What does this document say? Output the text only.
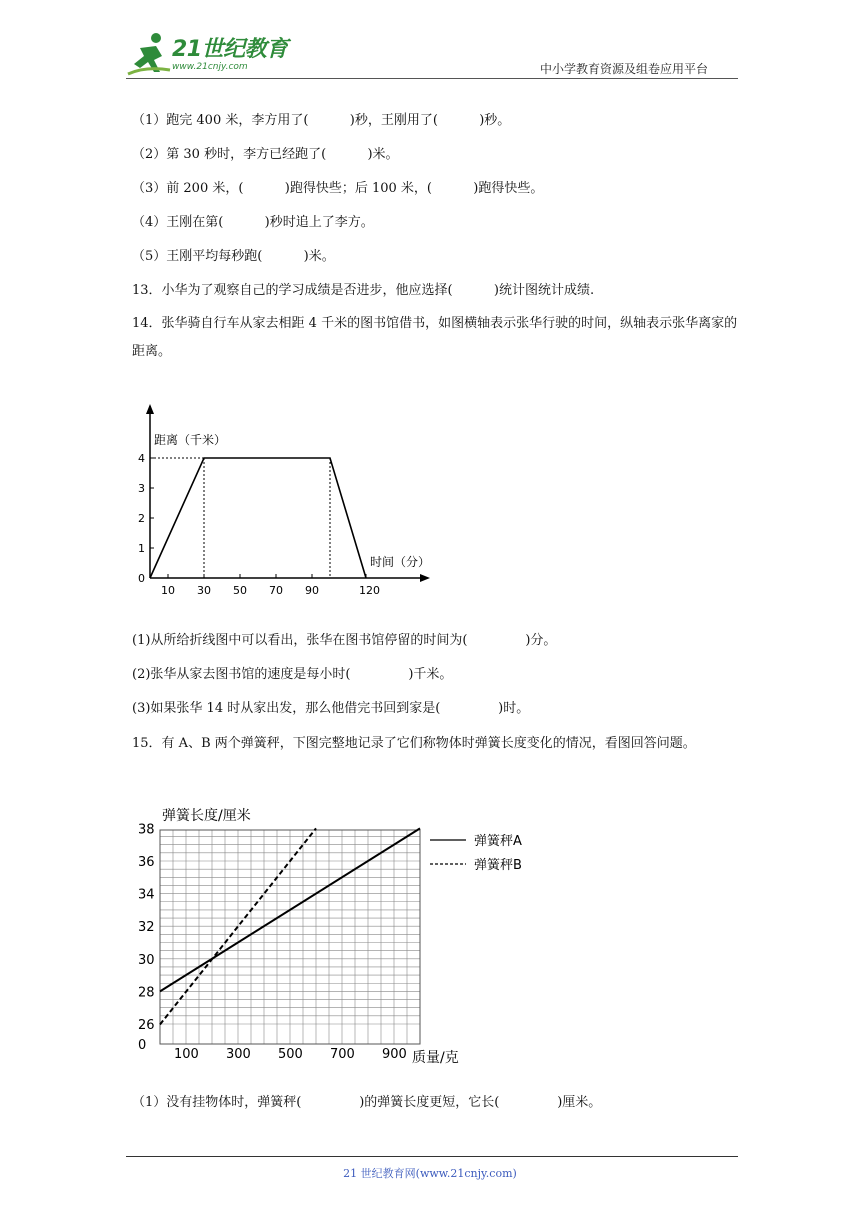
21世纪教育
www.21cnjy.com	中小学教育资源及组卷应用平台
（1）跑完 400 米，李方用了(          )秒，王刚用了(          )秒。
（2）第 30 秒时，李方已经跑了(          )米。
（3）前 200 米，(          )跑得快些；后 100 米，(          )跑得快些。
（4）王刚在第(          )秒时追上了李方。
（5）王刚平均每秒跑(          )米。
13．小华为了观察自己的学习成绩是否进步，他应选择(          )统计图统计成绩.
14．张华骑自行车从家去相距 4 千米的图书馆借书，如图横轴表示张华行驶的时间，纵轴表示张华离家的距离。
0
1
2
3
4
10 30 50 70 90	120
距离（千米）
时间（分）
(1)从所给折线图中可以看出，张华在图书馆停留的时间为(              )分。
(2)张华从家去图书馆的速度是每小时(              )千米。
(3)如果张华 14 时从家出发，那么他借完书回到家是(              )时。
15．有 A、B 两个弹簧秤，下图完整地记录了它们称物体时弹簧长度变化的情况，看图回答问题。
0
26
28
30
32
34
36
38
100 300 500 700 900
弹簧秤A
弹簧秤B
弹簧长度/厘米
质量/克
（1）没有挂物体时，弹簧秤(              )的弹簧长度更短，它长(              )厘米。
21 世纪教育网(www.21cnjy.com)
